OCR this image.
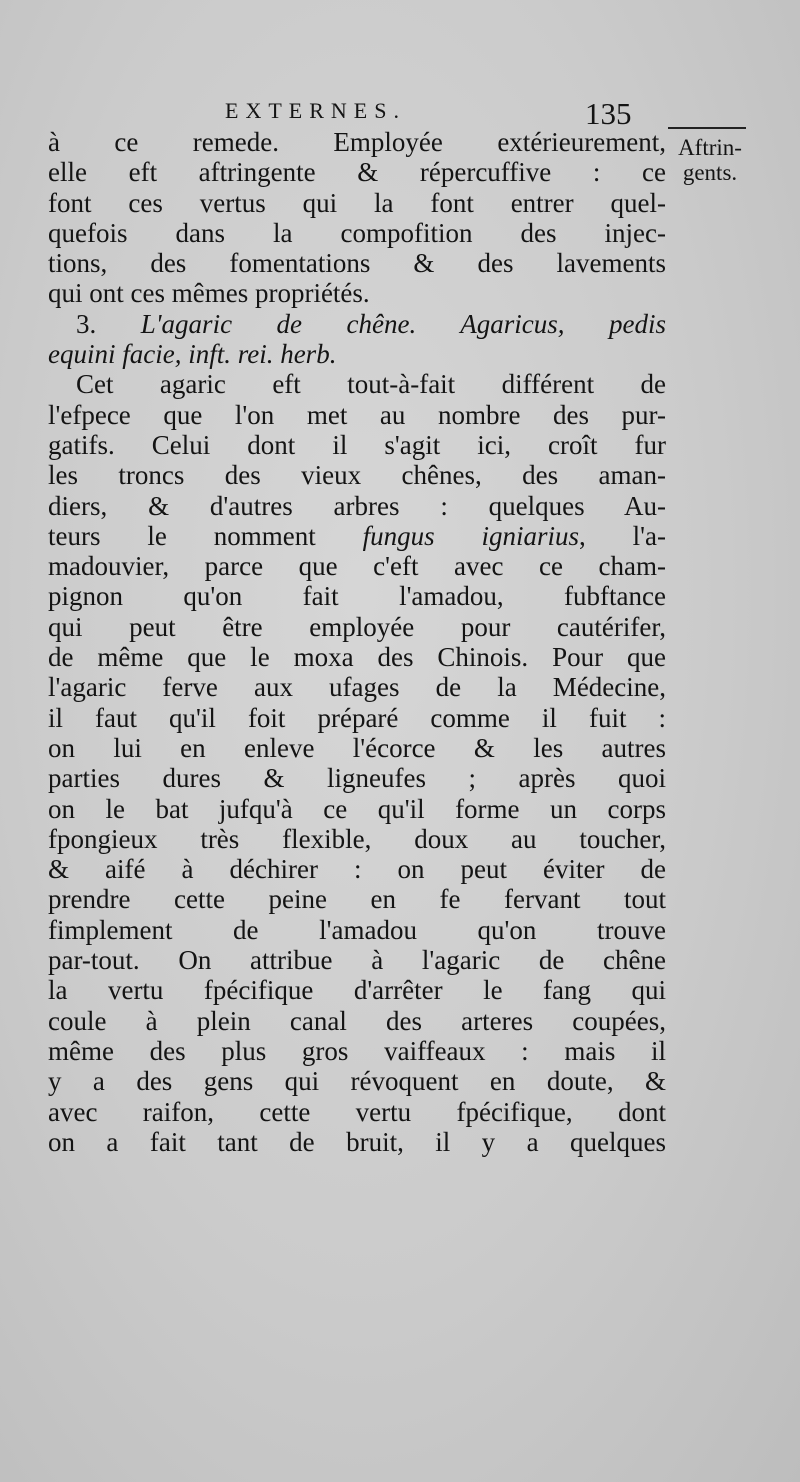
EXTERNES.	135
Aftrin-
gents.
à ce remede. Employée extérieurement,
elle eft aftringente & répercuffive : ce
font ces vertus qui la font entrer quel-
quefois dans la compofition des injec-
tions, des fomentations & des lavements
qui ont ces mêmes propriétés.
3. L'agaric de chêne. Agaricus, pedis
equini facie, inft. rei. herb.
Cet agaric eft tout-à-fait différent de
l'efpece que l'on met au nombre des pur-
gatifs. Celui dont il s'agit ici, croît fur
les troncs des vieux chênes, des aman-
diers, & d'autres arbres : quelques Au-
teurs le nomment fungus igniarius, l'a-
madouvier, parce que c'eft avec ce cham-
pignon qu'on fait l'amadou, fubftance
qui peut être employée pour cautérifer,
de même que le moxa des Chinois. Pour que
l'agaric ferve aux ufages de la Médecine,
il faut qu'il foit préparé comme il fuit :
on lui en enleve l'écorce & les autres
parties dures & ligneufes ; après quoi
on le bat jufqu'à ce qu'il forme un corps
fpongieux très flexible, doux au toucher,
& aifé à déchirer : on peut éviter de
prendre cette peine en fe fervant tout
fimplement de l'amadou qu'on trouve
par-tout. On attribue à l'agaric de chêne
la vertu fpécifique d'arrêter le fang qui
coule à plein canal des arteres coupées,
même des plus gros vaiffeaux : mais il
y a des gens qui révoquent en doute, &
avec raifon, cette vertu fpécifique, dont
on a fait tant de bruit, il y a quelques
